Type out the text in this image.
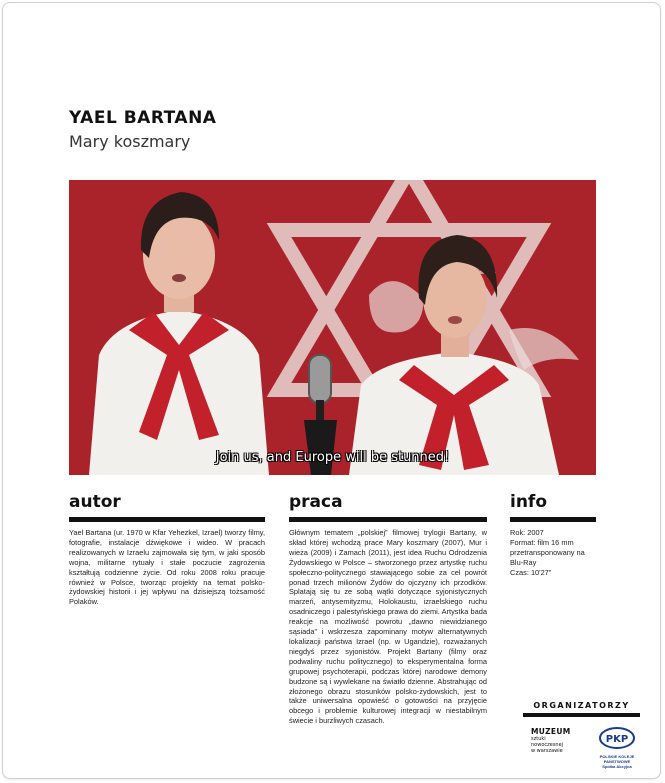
YAEL BARTANA
Mary koszmary
Join us, and Europe will be stunned!
autor

Yael Bartana (ur. 1970 w Kfar Yehezkel, Izrael) tworzy filmy, fotografie, instalacje dźwiękowe i wideo. W pracach realizowanych w Izraelu zajmowała się tym, w jaki sposób wojna, militarne rytuały i stałe poczucie zagrożenia kształtują codzienne życie. Od roku 2008 roku pracuje również w Polsce, tworząc projekty na temat polsko-żydowskiej historii i jej wpływu na dzisiejszą tożsamość Polaków.

praca

Głównym tematem „polskiej” filmowej trylogii Bartany, w skład której wchodzą prace Mary koszmary (2007), Mur i wieża (2009) i Zamach (2011), jest idea Ruchu Odrodzenia Żydowskiego w Polsce – stworzonego przez artystkę ruchu społeczno-politycznego stawiającego sobie za cel powrót ponad trzech milionów Żydów do ojczyzny ich przodków. Splatają się tu ze sobą wątki dotyczące syjonistycznych marzeń, antysemityzmu, Holokaustu, izraelskiego ruchu osadniczego i palestyńskiego prawa do ziemi. Artystka bada reakcje na możliwość powrotu „dawno niewidzianego sąsiada” i wskrzesza zapominany motyw alternatywnych lokalizacji państwa Izrael (np. w Ugandzie), rozważanych niegdyś przez syjonistów. Projekt Bartany (filmy oraz podwaliny ruchu politycznego) to eksperymentalna forma grupowej psychoterapii, podczas której narodowe demony budzone są i wywlekane na światło dzienne. Abstrahując od złożonego obrazu stosunków polsko-żydowskich, jest to także uniwersalna opowieść o gotowości na przyjęcie obcego i problemie kulturowej integracji w niestabilnym świecie i burzliwych czasach.

info

Rok: 2007

Format: film 16 mm przetransponowany na Blu-Ray

Czas: 10'27"

ORGANIZATORZY
MUZEUM
sztuki
nowoczesnej
w warszawie
PKP
POLSKIE KOLEJE PAŃSTWOWE
Spółka Akcyjna
